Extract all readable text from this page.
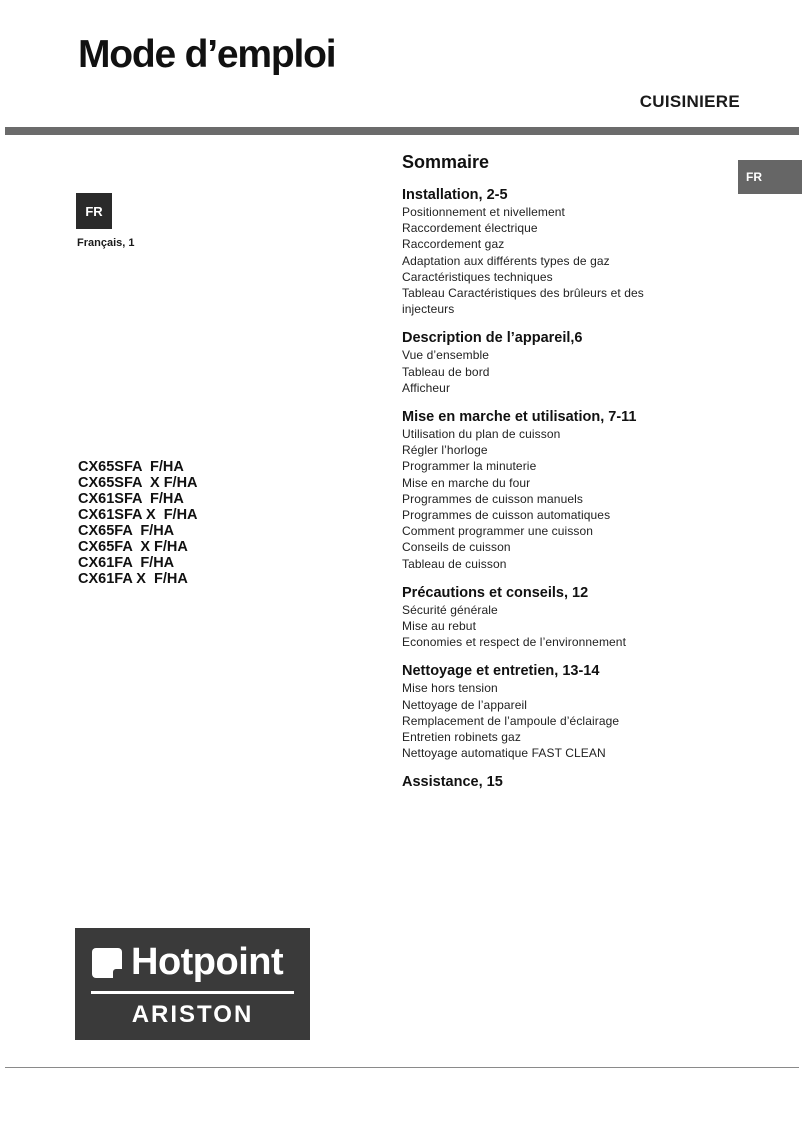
Mode d’emploi
CUISINIERE
FR
Français, 1
FR
CX65SFA  F/HA
CX65SFA  X F/HA
CX61SFA  F/HA
CX61SFA X  F/HA
CX65FA  F/HA
CX65FA  X F/HA
CX61FA  F/HA
CX61FA X  F/HA
Sommaire
Installation, 2-5
Positionnement et nivellement
Raccordement électrique
Raccordement gaz
Adaptation aux différents types de gaz
Caractéristiques techniques
Tableau Caractéristiques des brûleurs et des
injecteurs
Description de l’appareil,6
Vue d’ensemble
Tableau de bord
Afficheur
Mise en marche et utilisation, 7-11
Utilisation du plan de cuisson
Régler l’horloge
Programmer la minuterie
Mise en marche du four
Programmes de cuisson manuels
Programmes de cuisson automatiques
Comment programmer une cuisson
Conseils de cuisson
Tableau de cuisson
Précautions et conseils, 12
Sécurité générale
Mise au rebut
Economies et respect de l’environnement
Nettoyage et entretien, 13-14
Mise hors tension
Nettoyage de l’appareil
Remplacement de l’ampoule d’éclairage
Entretien robinets gaz
Nettoyage automatique FAST CLEAN
Assistance, 15
Hotpoint
ARISTON
